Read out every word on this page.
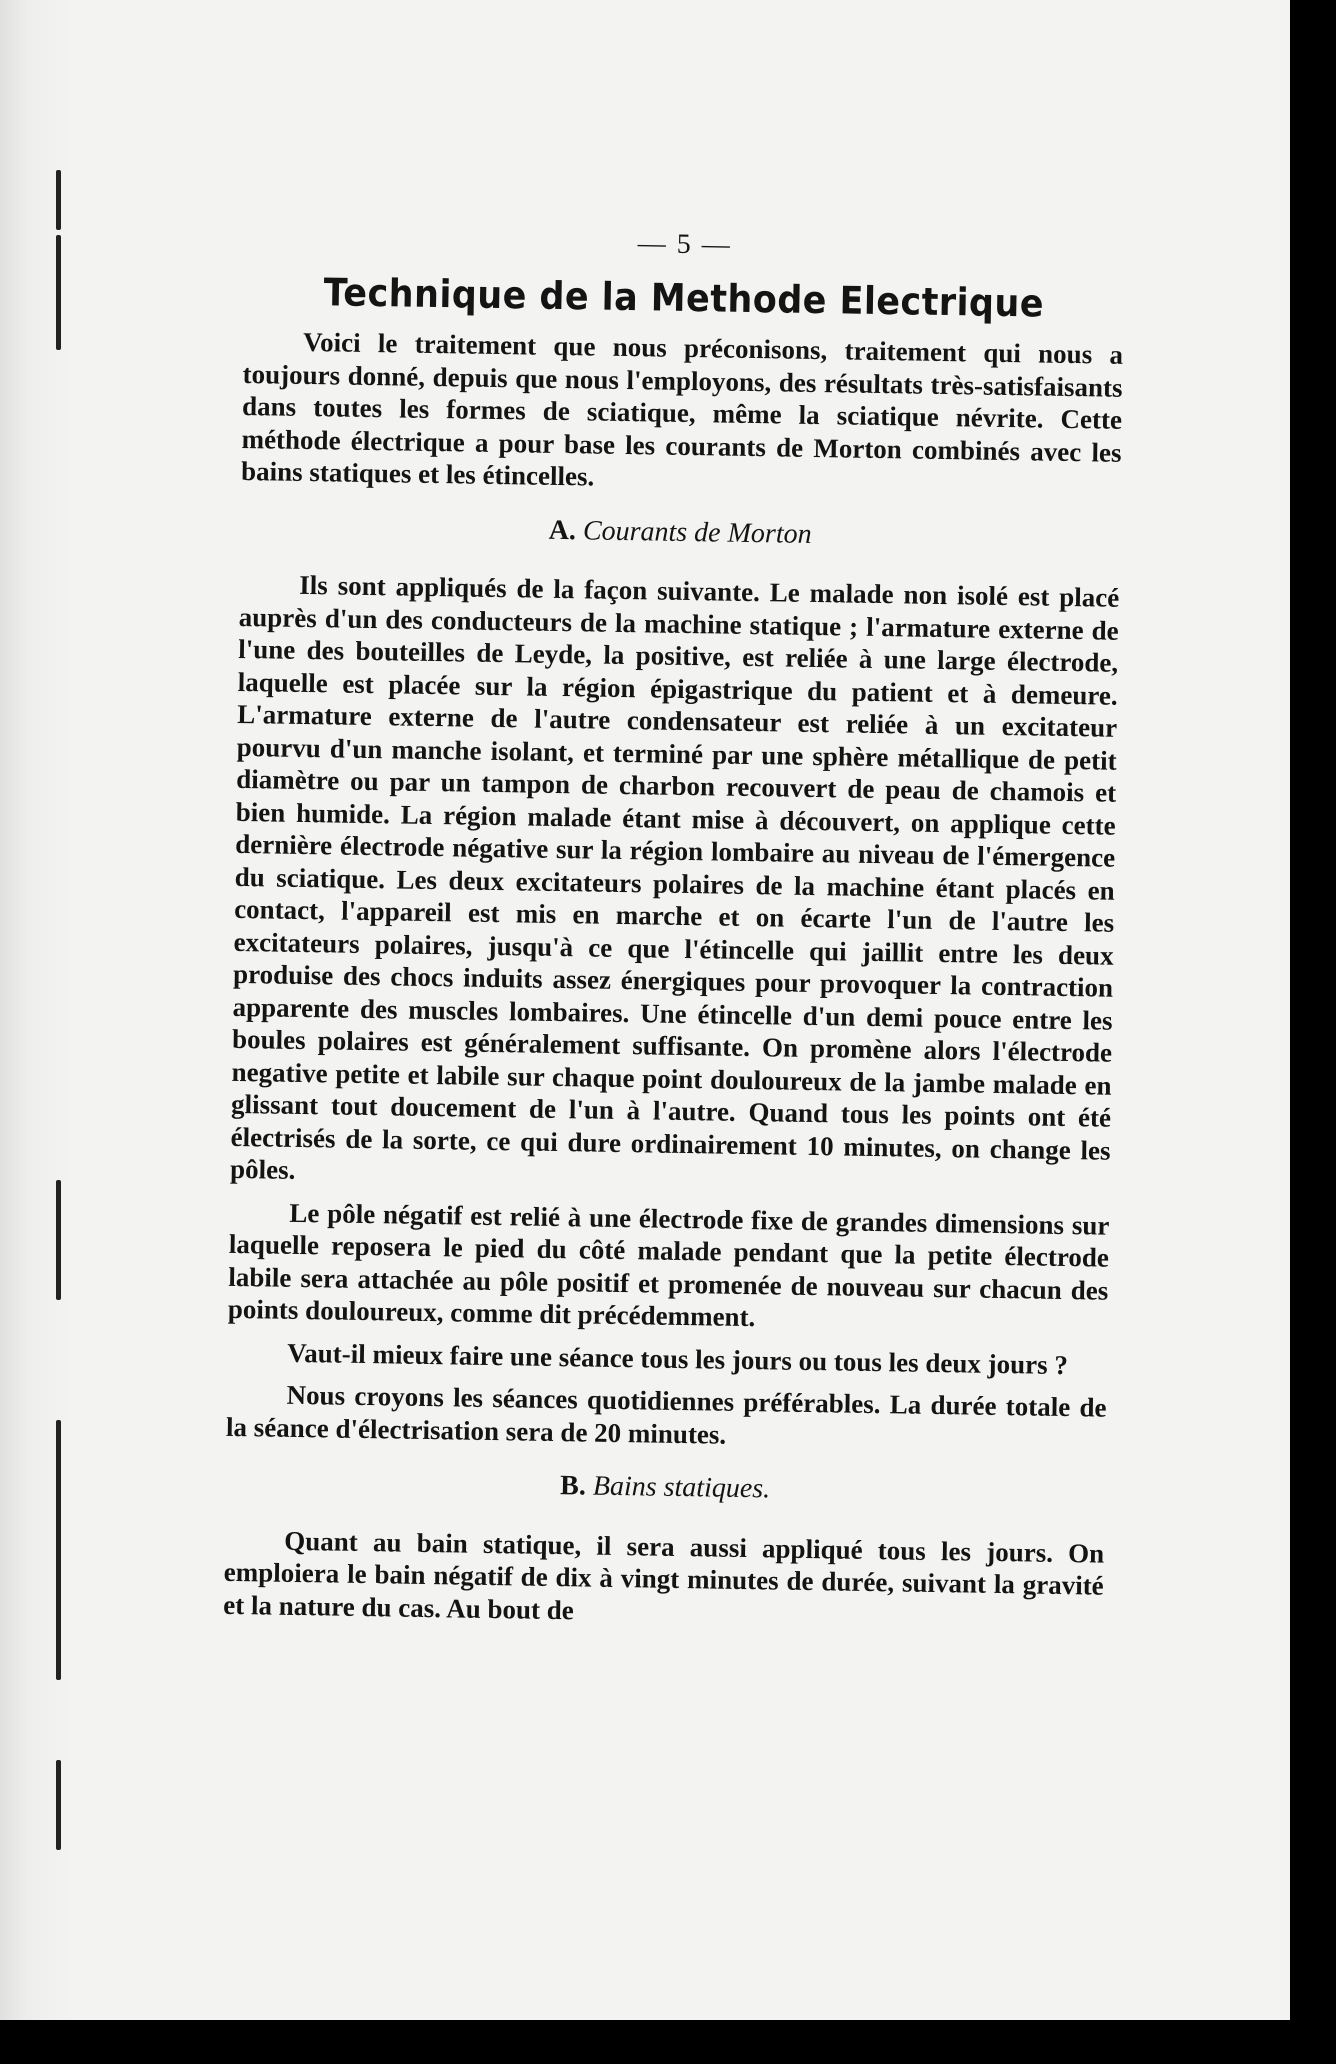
— 5 —
Technique de la Methode Electrique

Voici le traitement que nous préconisons, traitement qui nous a toujours donné, depuis que nous l'employons, des résultats très-satisfaisants dans toutes les formes de sciatique, même la sciatique névrite. Cette méthode électrique a pour base les courants de Morton combinés avec les bains statiques et les étincelles.

A. Courants de Morton

Ils sont appliqués de la façon suivante. Le malade non isolé est placé auprès d'un des conducteurs de la machine statique ; l'armature externe de l'une des bouteilles de Leyde, la positive, est reliée à une large électrode, laquelle est placée sur la région épigastrique du patient et à demeure. L'armature externe de l'autre condensateur est reliée à un excitateur pourvu d'un manche isolant, et terminé par une sphère métallique de petit diamètre ou par un tampon de charbon recouvert de peau de chamois et bien humide. La région malade étant mise à découvert, on applique cette dernière électrode négative sur la région lombaire au niveau de l'émergence du sciatique. Les deux excitateurs polaires de la machine étant placés en contact, l'appareil est mis en marche et on écarte l'un de l'autre les excitateurs polaires, jusqu'à ce que l'étincelle qui jaillit entre les deux produise des chocs induits assez énergiques pour provoquer la contraction apparente des muscles lombaires. Une étincelle d'un demi pouce entre les boules polaires est généralement suffisante. On promène alors l'électrode negative petite et labile sur chaque point douloureux de la jambe malade en glissant tout doucement de l'un à l'autre. Quand tous les points ont été électrisés de la sorte, ce qui dure ordinairement 10 minutes, on change les pôles.

Le pôle négatif est relié à une électrode fixe de grandes dimensions sur laquelle reposera le pied du côté malade pendant que la petite électrode labile sera attachée au pôle positif et promenée de nouveau sur chacun des points douloureux, comme dit précédemment.

Vaut-il mieux faire une séance tous les jours ou tous les deux jours ?

Nous croyons les séances quotidiennes préférables. La durée totale de la séance d'électrisation sera de 20 minutes.

B. Bains statiques.

Quant au bain statique, il sera aussi appliqué tous les jours. On emploiera le bain négatif de dix à vingt minutes de durée, suivant la gravité et la nature du cas. Au bout de
